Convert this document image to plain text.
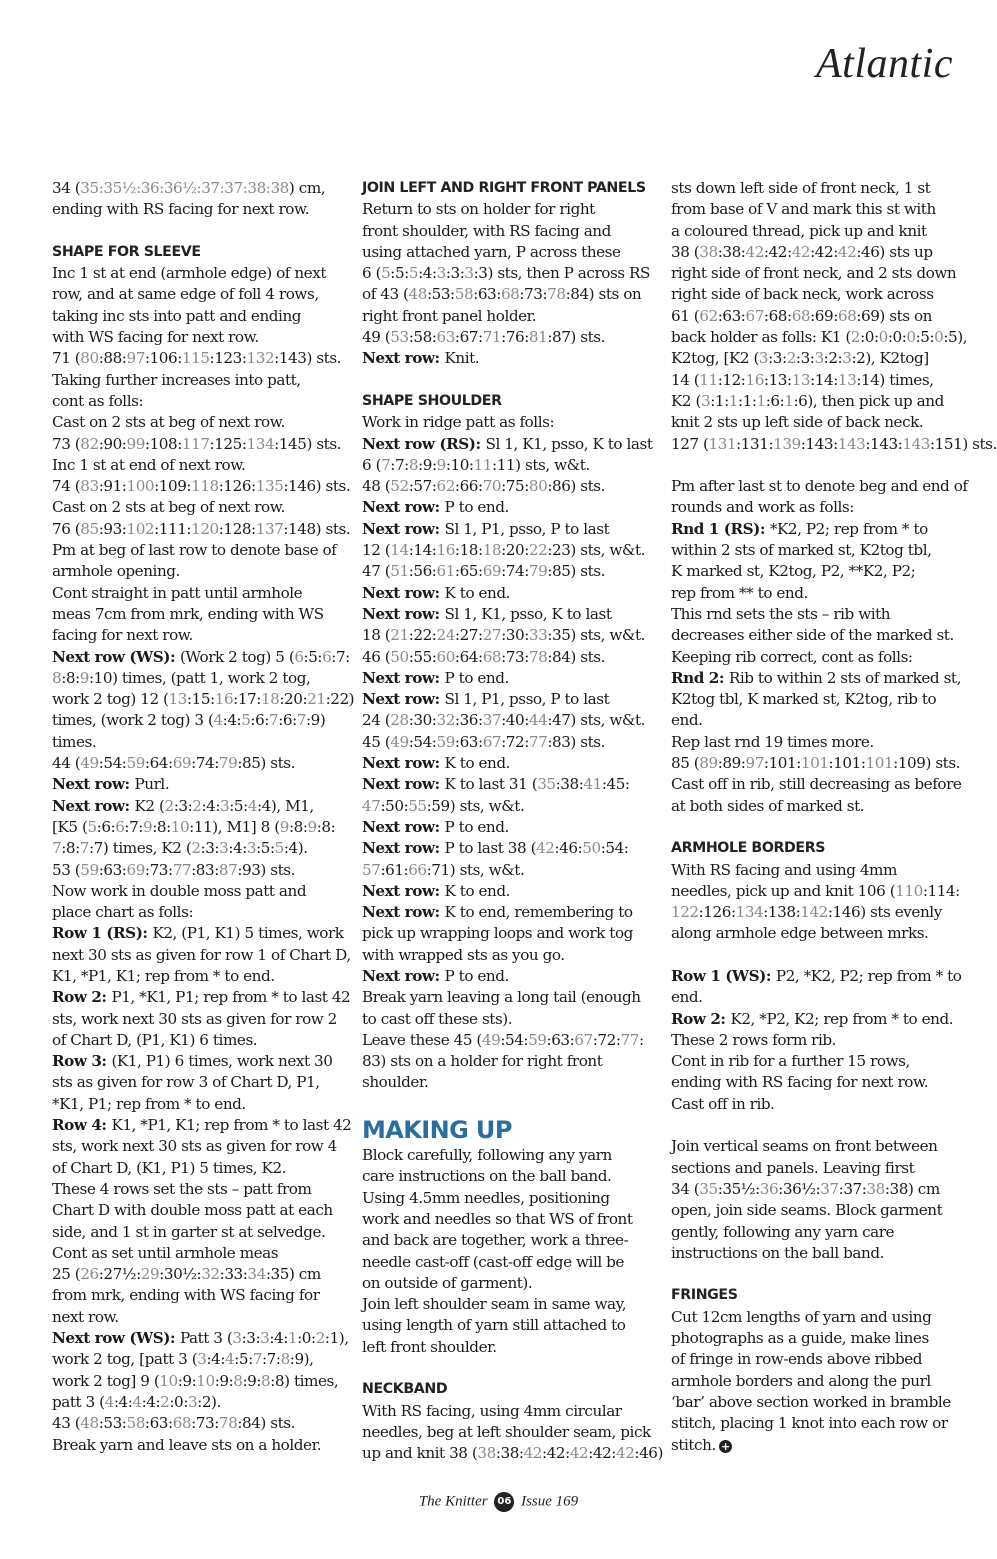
Atlantic
34 (35:35½:36:36½:37:37:38:38) cm,
ending with RS facing for next row.
SHAPE FOR SLEEVE
Inc 1 st at end (armhole edge) of next
row, and at same edge of foll 4 rows,
taking inc sts into patt and ending
with WS facing for next row.
71 (80:88:97:106:115:123:132:143) sts.
Taking further increases into patt,
cont as folls:
Cast on 2 sts at beg of next row.
73 (82:90:99:108:117:125:134:145) sts.
Inc 1 st at end of next row.
74 (83:91:100:109:118:126:135:146) sts.
Cast on 2 sts at beg of next row.
76 (85:93:102:111:120:128:137:148) sts.
Pm at beg of last row to denote base of
armhole opening.
Cont straight in patt until armhole
meas 7cm from mrk, ending with WS
facing for next row.
Next row (WS): (Work 2 tog) 5 (6:5:6:7:
8:8:9:10) times, (patt 1, work 2 tog,
work 2 tog) 12 (13:15:16:17:18:20:21:22)
times, (work 2 tog) 3 (4:4:5:6:7:6:7:9)
times.
44 (49:54:59:64:69:74:79:85) sts.
Next row: Purl.
Next row: K2 (2:3:2:4:3:5:4:4), M1,
[K5 (5:6:6:7:9:8:10:11), M1] 8 (9:8:9:8:
7:8:7:7) times, K2 (2:3:3:4:3:5:5:4).
53 (59:63:69:73:77:83:87:93) sts.
Now work in double moss patt and
place chart as folls:
Row 1 (RS): K2, (P1, K1) 5 times, work
next 30 sts as given for row 1 of Chart D,
K1, *P1, K1; rep from * to end.
Row 2: P1, *K1, P1; rep from * to last 42
sts, work next 30 sts as given for row 2
of Chart D, (P1, K1) 6 times.
Row 3: (K1, P1) 6 times, work next 30
sts as given for row 3 of Chart D, P1,
*K1, P1; rep from * to end.
Row 4: K1, *P1, K1; rep from * to last 42
sts, work next 30 sts as given for row 4
of Chart D, (K1, P1) 5 times, K2.
These 4 rows set the sts – patt from
Chart D with double moss patt at each
side, and 1 st in garter st at selvedge.
Cont as set until armhole meas
25 (26:27½:29:30½:32:33:34:35) cm
from mrk, ending with WS facing for
next row.
Next row (WS): Patt 3 (3:3:3:4:1:0:2:1),
work 2 tog, [patt 3 (3:4:4:5:7:7:8:9),
work 2 tog] 9 (10:9:10:9:8:9:8:8) times,
patt 3 (4:4:4:4:2:0:3:2).
43 (48:53:58:63:68:73:78:84) sts.
Break yarn and leave sts on a holder.
JOIN LEFT AND RIGHT FRONT PANELS
Return to sts on holder for right
front shoulder, with RS facing and
using attached yarn, P across these
6 (5:5:5:4:3:3:3:3) sts, then P across RS
of 43 (48:53:58:63:68:73:78:84) sts on
right front panel holder.
49 (53:58:63:67:71:76:81:87) sts.
Next row: Knit.
SHAPE SHOULDER
Work in ridge patt as folls:
Next row (RS): Sl 1, K1, psso, K to last
6 (7:7:8:9:9:10:11:11) sts, w&t.
48 (52:57:62:66:70:75:80:86) sts.
Next row: P to end.
Next row: Sl 1, P1, psso, P to last
12 (14:14:16:18:18:20:22:23) sts, w&t.
47 (51:56:61:65:69:74:79:85) sts.
Next row: K to end.
Next row: Sl 1, K1, psso, K to last
18 (21:22:24:27:27:30:33:35) sts, w&t.
46 (50:55:60:64:68:73:78:84) sts.
Next row: P to end.
Next row: Sl 1, P1, psso, P to last
24 (28:30:32:36:37:40:44:47) sts, w&t.
45 (49:54:59:63:67:72:77:83) sts.
Next row: K to end.
Next row: K to last 31 (35:38:41:45:
47:50:55:59) sts, w&t.
Next row: P to end.
Next row: P to last 38 (42:46:50:54:
57:61:66:71) sts, w&t.
Next row: K to end.
Next row: K to end, remembering to
pick up wrapping loops and work tog
with wrapped sts as you go.
Next row: P to end.
Break yarn leaving a long tail (enough
to cast off these sts).
Leave these 45 (49:54:59:63:67:72:77:
83) sts on a holder for right front
shoulder.
MAKING UP
Block carefully, following any yarn
care instructions on the ball band.
Using 4.5mm needles, positioning
work and needles so that WS of front
and back are together, work a three-
needle cast-off (cast-off edge will be
on outside of garment).
Join left shoulder seam in same way,
using length of yarn still attached to
left front shoulder.
NECKBAND
With RS facing, using 4mm circular
needles, beg at left shoulder seam, pick
up and knit 38 (38:38:42:42:42:42:42:46)
sts down left side of front neck, 1 st
from base of V and mark this st with
a coloured thread, pick up and knit
38 (38:38:42:42:42:42:42:46) sts up
right side of front neck, and 2 sts down
right side of back neck, work across
61 (62:63:67:68:68:69:68:69) sts on
back holder as folls: K1 (2:0:0:0:0:5:0:5),
K2tog, [K2 (3:3:2:3:3:2:3:2), K2tog]
14 (11:12:16:13:13:14:13:14) times,
K2 (3:1:1:1:1:6:1:6), then pick up and
knit 2 sts up left side of back neck.
127 (131:131:139:143:143:143:143:151) sts.
Pm after last st to denote beg and end of
rounds and work as folls:
Rnd 1 (RS): *K2, P2; rep from * to
within 2 sts of marked st, K2tog tbl,
K marked st, K2tog, P2, **K2, P2;
rep from ** to end.
This rnd sets the sts – rib with
decreases either side of the marked st.
Keeping rib correct, cont as folls:
Rnd 2: Rib to within 2 sts of marked st,
K2tog tbl, K marked st, K2tog, rib to
end.
Rep last rnd 19 times more.
85 (89:89:97:101:101:101:101:109) sts.
Cast off in rib, still decreasing as before
at both sides of marked st.
ARMHOLE BORDERS
With RS facing and using 4mm
needles, pick up and knit 106 (110:114:
122:126:134:138:142:146) sts evenly
along armhole edge between mrks.
Row 1 (WS): P2, *K2, P2; rep from * to
end.
Row 2: K2, *P2, K2; rep from * to end.
These 2 rows form rib.
Cont in rib for a further 15 rows,
ending with RS facing for next row.
Cast off in rib.
Join vertical seams on front between
sections and panels. Leaving first
34 (35:35½:36:36½:37:37:38:38) cm
open, join side seams. Block garment
gently, following any yarn care
instructions on the ball band.
FRINGES
Cut 12cm lengths of yarn and using
photographs as a guide, make lines
of fringe in row-ends above ribbed
armhole borders and along the purl
‘bar’ above section worked in bramble
stitch, placing 1 knot into each row or
stitch. +
The Knitter 06 Issue 169
